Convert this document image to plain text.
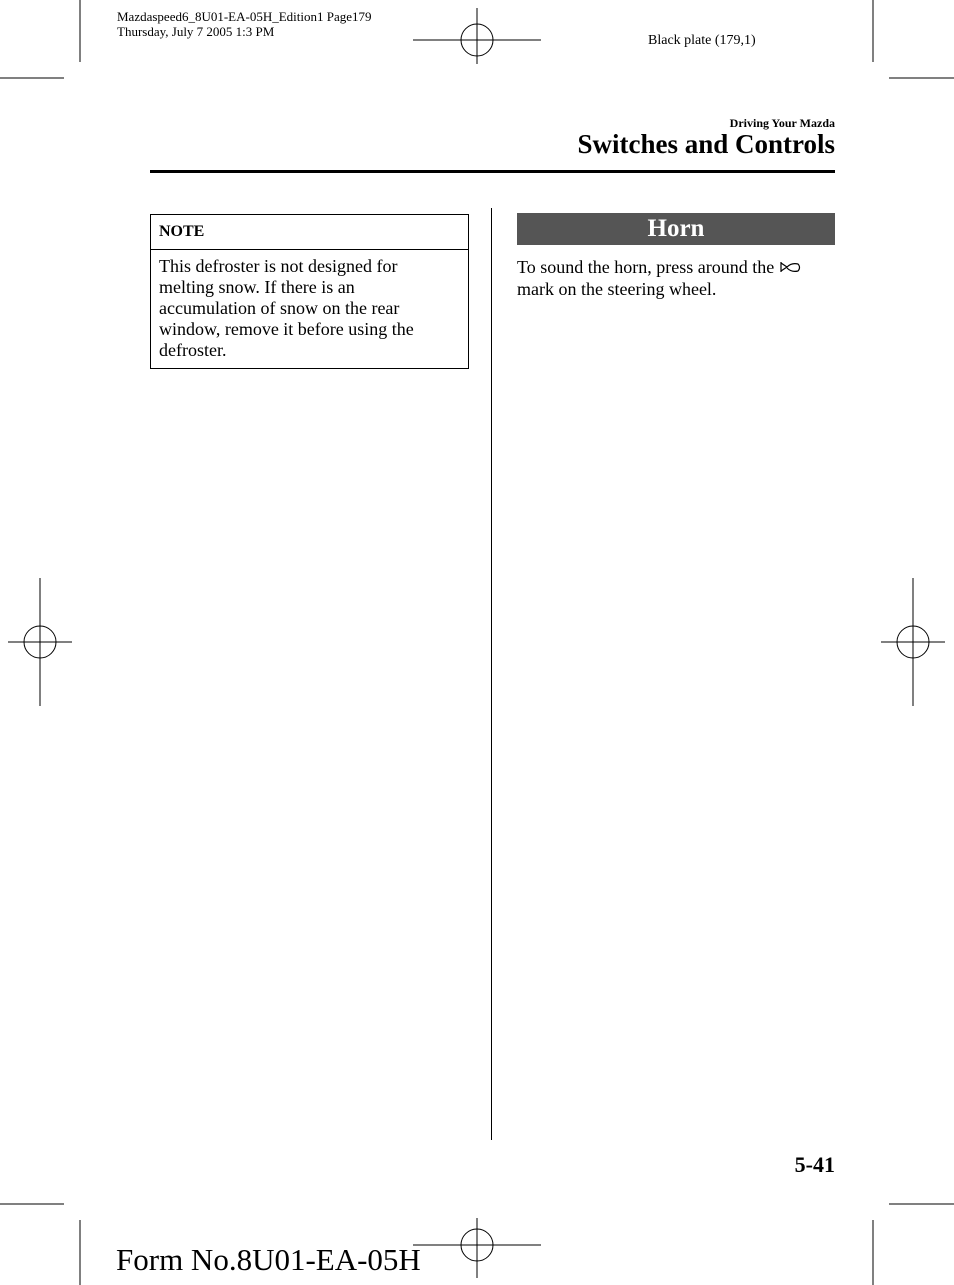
Mazdaspeed6_8U01-EA-05H_Edition1 Page179
Thursday, July 7 2005 1:3 PM
Black plate (179,1)
Driving Your Mazda
Switches and Controls
NOTE
This defroster is not designed for
melting snow. If there is an
accumulation of snow on the rear
window, remove it before using the
defroster.
Horn
To sound the horn, press around the
mark on the steering wheel.
5-41
Form No.8U01-EA-05H
